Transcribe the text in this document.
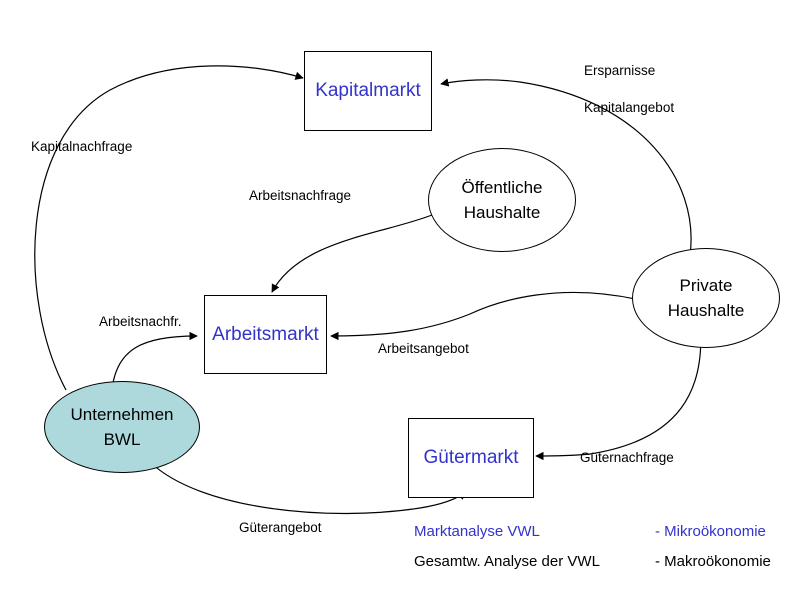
Kapitalmarkt
Arbeitsmarkt
Gütermarkt
Öffentliche
Haushalte
Private
Haushalte
Unternehmen
BWL
Ersparnisse
Kapitalangebot
Kapitalnachfrage
Arbeitsnachfrage
Arbeitsnachfr.
Arbeitsangebot
Güternachfrage
Güterangebot	Marktanalyse VWL	- Mikroökonomie
Gesamtw. Analyse der VWL	- Makroökonomie
